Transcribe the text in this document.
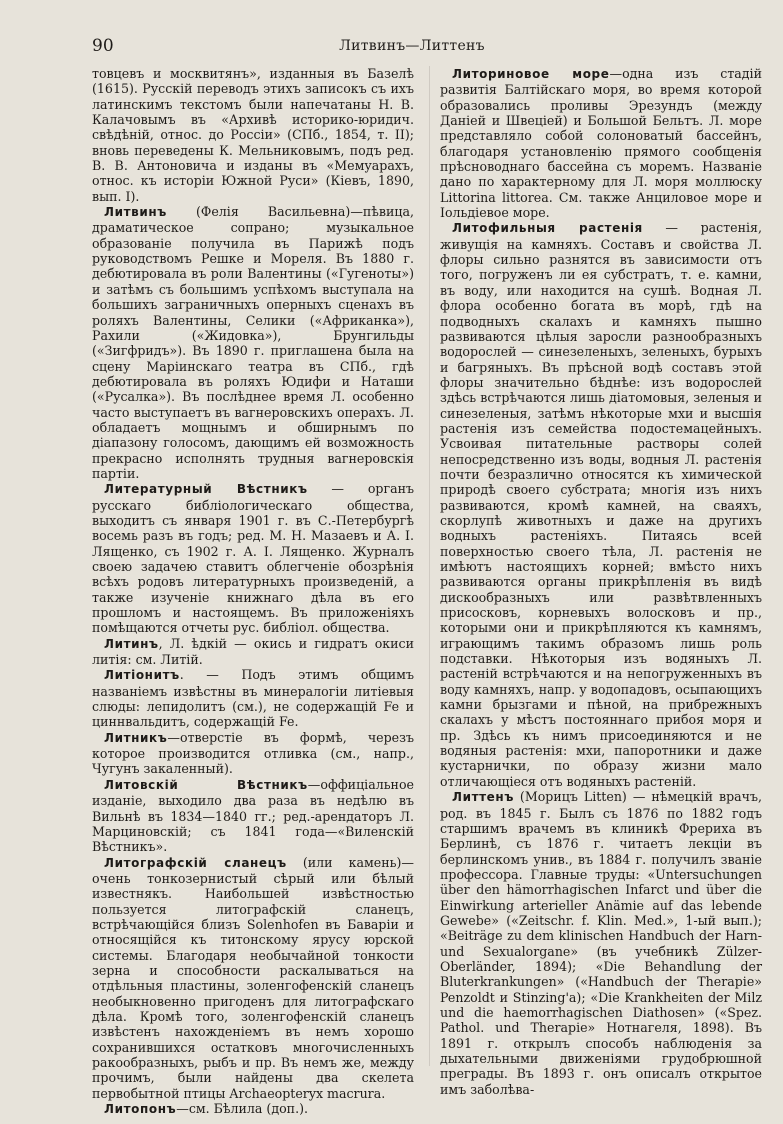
90	Литвинъ—Литтенъ

товцевъ и москвитянъ», изданныя въ Базелѣ (1615). Русскій переводъ этихъ записокъ съ ихъ латинскимъ текстомъ были напечатаны Н. В. Калачовымъ въ «Архивѣ историко-юридич. свѣдѣній, относ. до Россіи» (СПб., 1854, т. II); вновь переведены К. Мельниковымъ, подъ ред. В. В. Антоновича и изданы въ «Мемуарахъ, относ. къ исторіи Южной Руси» (Кіевъ, 1890, вып. I).

Литвинъ (Фелія Васильевна)—пѣвица, драматическое сопрано; музыкальное образованіе получила въ Парижѣ подъ руководствомъ Решке и Мореля. Въ 1880 г. дебютировала въ роли Валентины («Гугеноты») и затѣмъ съ большимъ успѣхомъ выступала на большихъ заграничныхъ оперныхъ сценахъ въ роляхъ Валентины, Селики («Африканка»), Рахили («Жидовка»), Брунгильды («Зигфридъ»). Въ 1890 г. приглашена была на сцену Маріинскаго театра въ СПб., гдѣ дебютировала въ роляхъ Юдифи и Наташи («Русалка»). Въ послѣднее время Л. особенно часто выступаетъ въ вагнеровскихъ операхъ. Л. обладаетъ мощнымъ и обширнымъ по діапазону голосомъ, дающимъ ей возможность прекрасно исполнять трудныя вагнеровскія партіи.

Литературный Вѣстникъ — органъ русскаго библіологическаго общества, выходитъ съ января 1901 г. въ С.-Петербургѣ восемь разъ въ годъ; ред. М. Н. Мазаевъ и А. І. Лященко, съ 1902 г. А. І. Лященко. Журналъ своею задачею ставитъ облегченіе обозрѣнія всѣхъ родовъ литературныхъ произведеній, а также изученіе книжнаго дѣла въ его прошломъ и настоящемъ. Въ приложеніяхъ помѣщаются отчеты рус. библіол. общества.

Литинъ, Л. ѣдкій — окись и гидратъ окиси литія: см. Литій.

Литіонитъ. — Подъ этимъ общимъ названіемъ извѣстны въ минералогіи литіевыя слюды: лепидолитъ (см.), не содержащій Fe и циннвальдитъ, содержащій Fe.

Литникъ—отверстіе въ формѣ, черезъ которое производится отливка (см., напр., Чугунъ закаленный).

Литовскій Вѣстникъ—оффиціальное изданіе, выходило два раза въ недѣлю въ Вильнѣ въ 1834—1840 гг.; ред.-арендаторъ Л. Марциновскій; съ 1841 года—«Виленскій Вѣстникъ».

Литографскій сланецъ (или камень)—очень тонкозернистый сѣрый или бѣлый известнякъ. Наибольшей извѣстностью пользуется литографскій сланецъ, встрѣчающійся близъ Solenhofen въ Баваріи и относящійся къ титонскому ярусу юрской системы. Благодаря необычайной тонкости зерна и способности раскалываться на отдѣльныя пластины, золенгофенскій сланецъ необыкновенно пригоденъ для литографскаго дѣла. Кромѣ того, золенгофенскій сланецъ извѣстенъ нахожденіемъ въ немъ хорошо сохранившихся остатковъ многочисленныхъ ракообразныхъ, рыбъ и пр. Въ немъ же, между прочимъ, были найдены два скелета первобытной птицы Archaeopteryx macrura.

Литопонъ—см. Бѣлила (доп.).

Литориновое море—одна изъ стадій развитія Балтійскаго моря, во время которой образовались проливы Эрезундъ (между Даніей и Швеціей) и Большой Бельтъ. Л. море представляло собой солоноватый бассейнъ, благодаря установленію прямого сообщенія прѣсноводнаго бассейна съ моремъ. Названіе дано по характерному для Л. моря моллюску Littorina littorea. См. также Анциловое море и Іольдіевое море.

Литофильныя растенія — растенія, живущія на камняхъ. Составъ и свойства Л. флоры сильно разнятся въ зависимости отъ того, погруженъ ли ея субстратъ, т. е. камни, въ воду, или находится на сушѣ. Водная Л. флора особенно богата въ морѣ, гдѣ на подводныхъ скалахъ и камняхъ пышно развиваются цѣлыя заросли разнообразныхъ водорослей — синезеленыхъ, зеленыхъ, бурыхъ и багряныхъ. Въ прѣсной водѣ составъ этой флоры значительно бѣднѣе: изъ водорослей здѣсь встрѣчаются лишь діатомовыя, зеленыя и синезеленыя, затѣмъ нѣкоторые мхи и высшія растенія изъ семейства подостемацейныхъ. Усвоивая питательные растворы солей непосредственно изъ воды, водныя Л. растенія почти безразлично относятся къ химической природѣ своего субстрата; многія изъ нихъ развиваются, кромѣ камней, на сваяхъ, скорлупѣ животныхъ и даже на другихъ водныхъ растеніяхъ. Питаясь всей поверхностью своего тѣла, Л. растенія не имѣютъ настоящихъ корней; вмѣсто нихъ развиваются органы прикрѣпленія въ видѣ дискообразныхъ или развѣтвленныхъ присосковъ, корневыхъ волосковъ и пр., которыми они и прикрѣпляются къ камнямъ, играющимъ такимъ образомъ лишь роль подставки. Нѣкоторыя изъ водяныхъ Л. растеній встрѣчаются и на непогруженныхъ въ воду камняхъ, напр. у водопадовъ, осыпающихъ камни брызгами и пѣной, на прибрежныхъ скалахъ у мѣстъ постояннаго прибоя моря и пр. Здѣсь къ нимъ присоединяются и не водяныя растенія: мхи, папоротники и даже кустарнички, по образу жизни мало отличающіеся отъ водяныхъ растеній.

Литтенъ (Морицъ Litten) — нѣмецкій врачъ, род. въ 1845 г. Былъ съ 1876 по 1882 годъ старшимъ врачемъ въ клиникѣ Фрериха въ Берлинѣ, съ 1876 г. читаетъ лекціи въ берлинскомъ унив., въ 1884 г. получилъ званіе профессора. Главные труды: «Untersuchungen über den hämorrhagischen Infarct und über die Einwirkung arterieller Anämie auf das lebende Gewebe» («Zeitschr. f. Klin. Med.», 1-ый вып.); «Beiträge zu dem klinischen Handbuch der Harn- und Sexualorgane» (въ учебникѣ Zülzer-Oberländer, 1894); «Die Behandlung der Bluterkrankungen» («Handbuch der Therapie» Penzoldt и Stinzing'a); «Die Krankheiten der Milz und die haemorrhagischen Diathosen» («Spez. Pathol. und Therapie» Нотнагеля, 1898). Въ 1891 г. открылъ способъ наблюденія за дыхательными движеніями грудобрюшной преграды. Въ 1893 г. онъ описалъ открытое имъ заболѣва-
